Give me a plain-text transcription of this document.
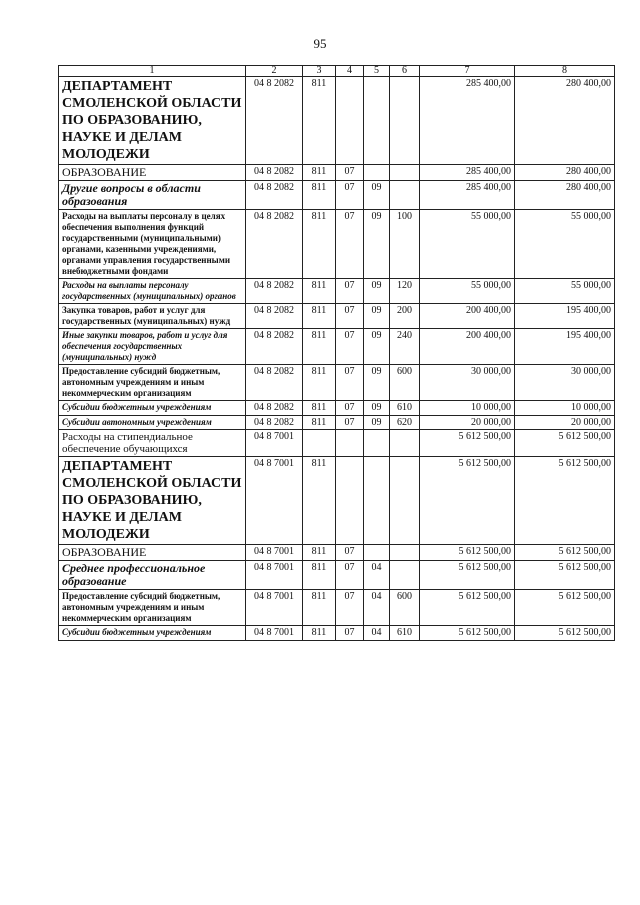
95
1	2	3	4	5	6	7	8
ДЕПАРТАМЕНТ СМОЛЕНСКОЙ ОБЛАСТИ ПО ОБРАЗОВАНИЮ, НАУКЕ И ДЕЛАМ МОЛОДЕЖИ	04 8 2082	811				285 400,00	280 400,00
ОБРАЗОВАНИЕ	04 8 2082	811	07			285 400,00	280 400,00
Другие вопросы в области образования	04 8 2082	811	07	09		285 400,00	280 400,00
Расходы на выплаты персоналу в целях обеспечения выполнения функций государственными (муниципальными) органами, казенными учреждениями, органами управления государственными внебюджетными фондами	04 8 2082	811	07	09	100	55 000,00	55 000,00
Расходы на выплаты персоналу государственных (муниципальных) органов	04 8 2082	811	07	09	120	55 000,00	55 000,00
Закупка товаров, работ и услуг для государственных (муниципальных) нужд	04 8 2082	811	07	09	200	200 400,00	195 400,00
Иные закупки товаров, работ и услуг для обеспечения государственных (муниципальных) нужд	04 8 2082	811	07	09	240	200 400,00	195 400,00
Предоставление субсидий бюджетным, автономным учреждениям и иным некоммерческим организациям	04 8 2082	811	07	09	600	30 000,00	30 000,00
Субсидии бюджетным учреждениям	04 8 2082	811	07	09	610	10 000,00	10 000,00
Субсидии автономным учреждениям	04 8 2082	811	07	09	620	20 000,00	20 000,00
Расходы на стипендиальное обеспечение обучающихся	04 8 7001					5 612 500,00	5 612 500,00
ДЕПАРТАМЕНТ СМОЛЕНСКОЙ ОБЛАСТИ ПО ОБРАЗОВАНИЮ, НАУКЕ И ДЕЛАМ МОЛОДЕЖИ	04 8 7001	811				5 612 500,00	5 612 500,00
ОБРАЗОВАНИЕ	04 8 7001	811	07			5 612 500,00	5 612 500,00
Среднее профессиональное образование	04 8 7001	811	07	04		5 612 500,00	5 612 500,00
Предоставление субсидий бюджетным, автономным учреждениям и иным некоммерческим организациям	04 8 7001	811	07	04	600	5 612 500,00	5 612 500,00
Субсидии бюджетным учреждениям	04 8 7001	811	07	04	610	5 612 500,00	5 612 500,00
